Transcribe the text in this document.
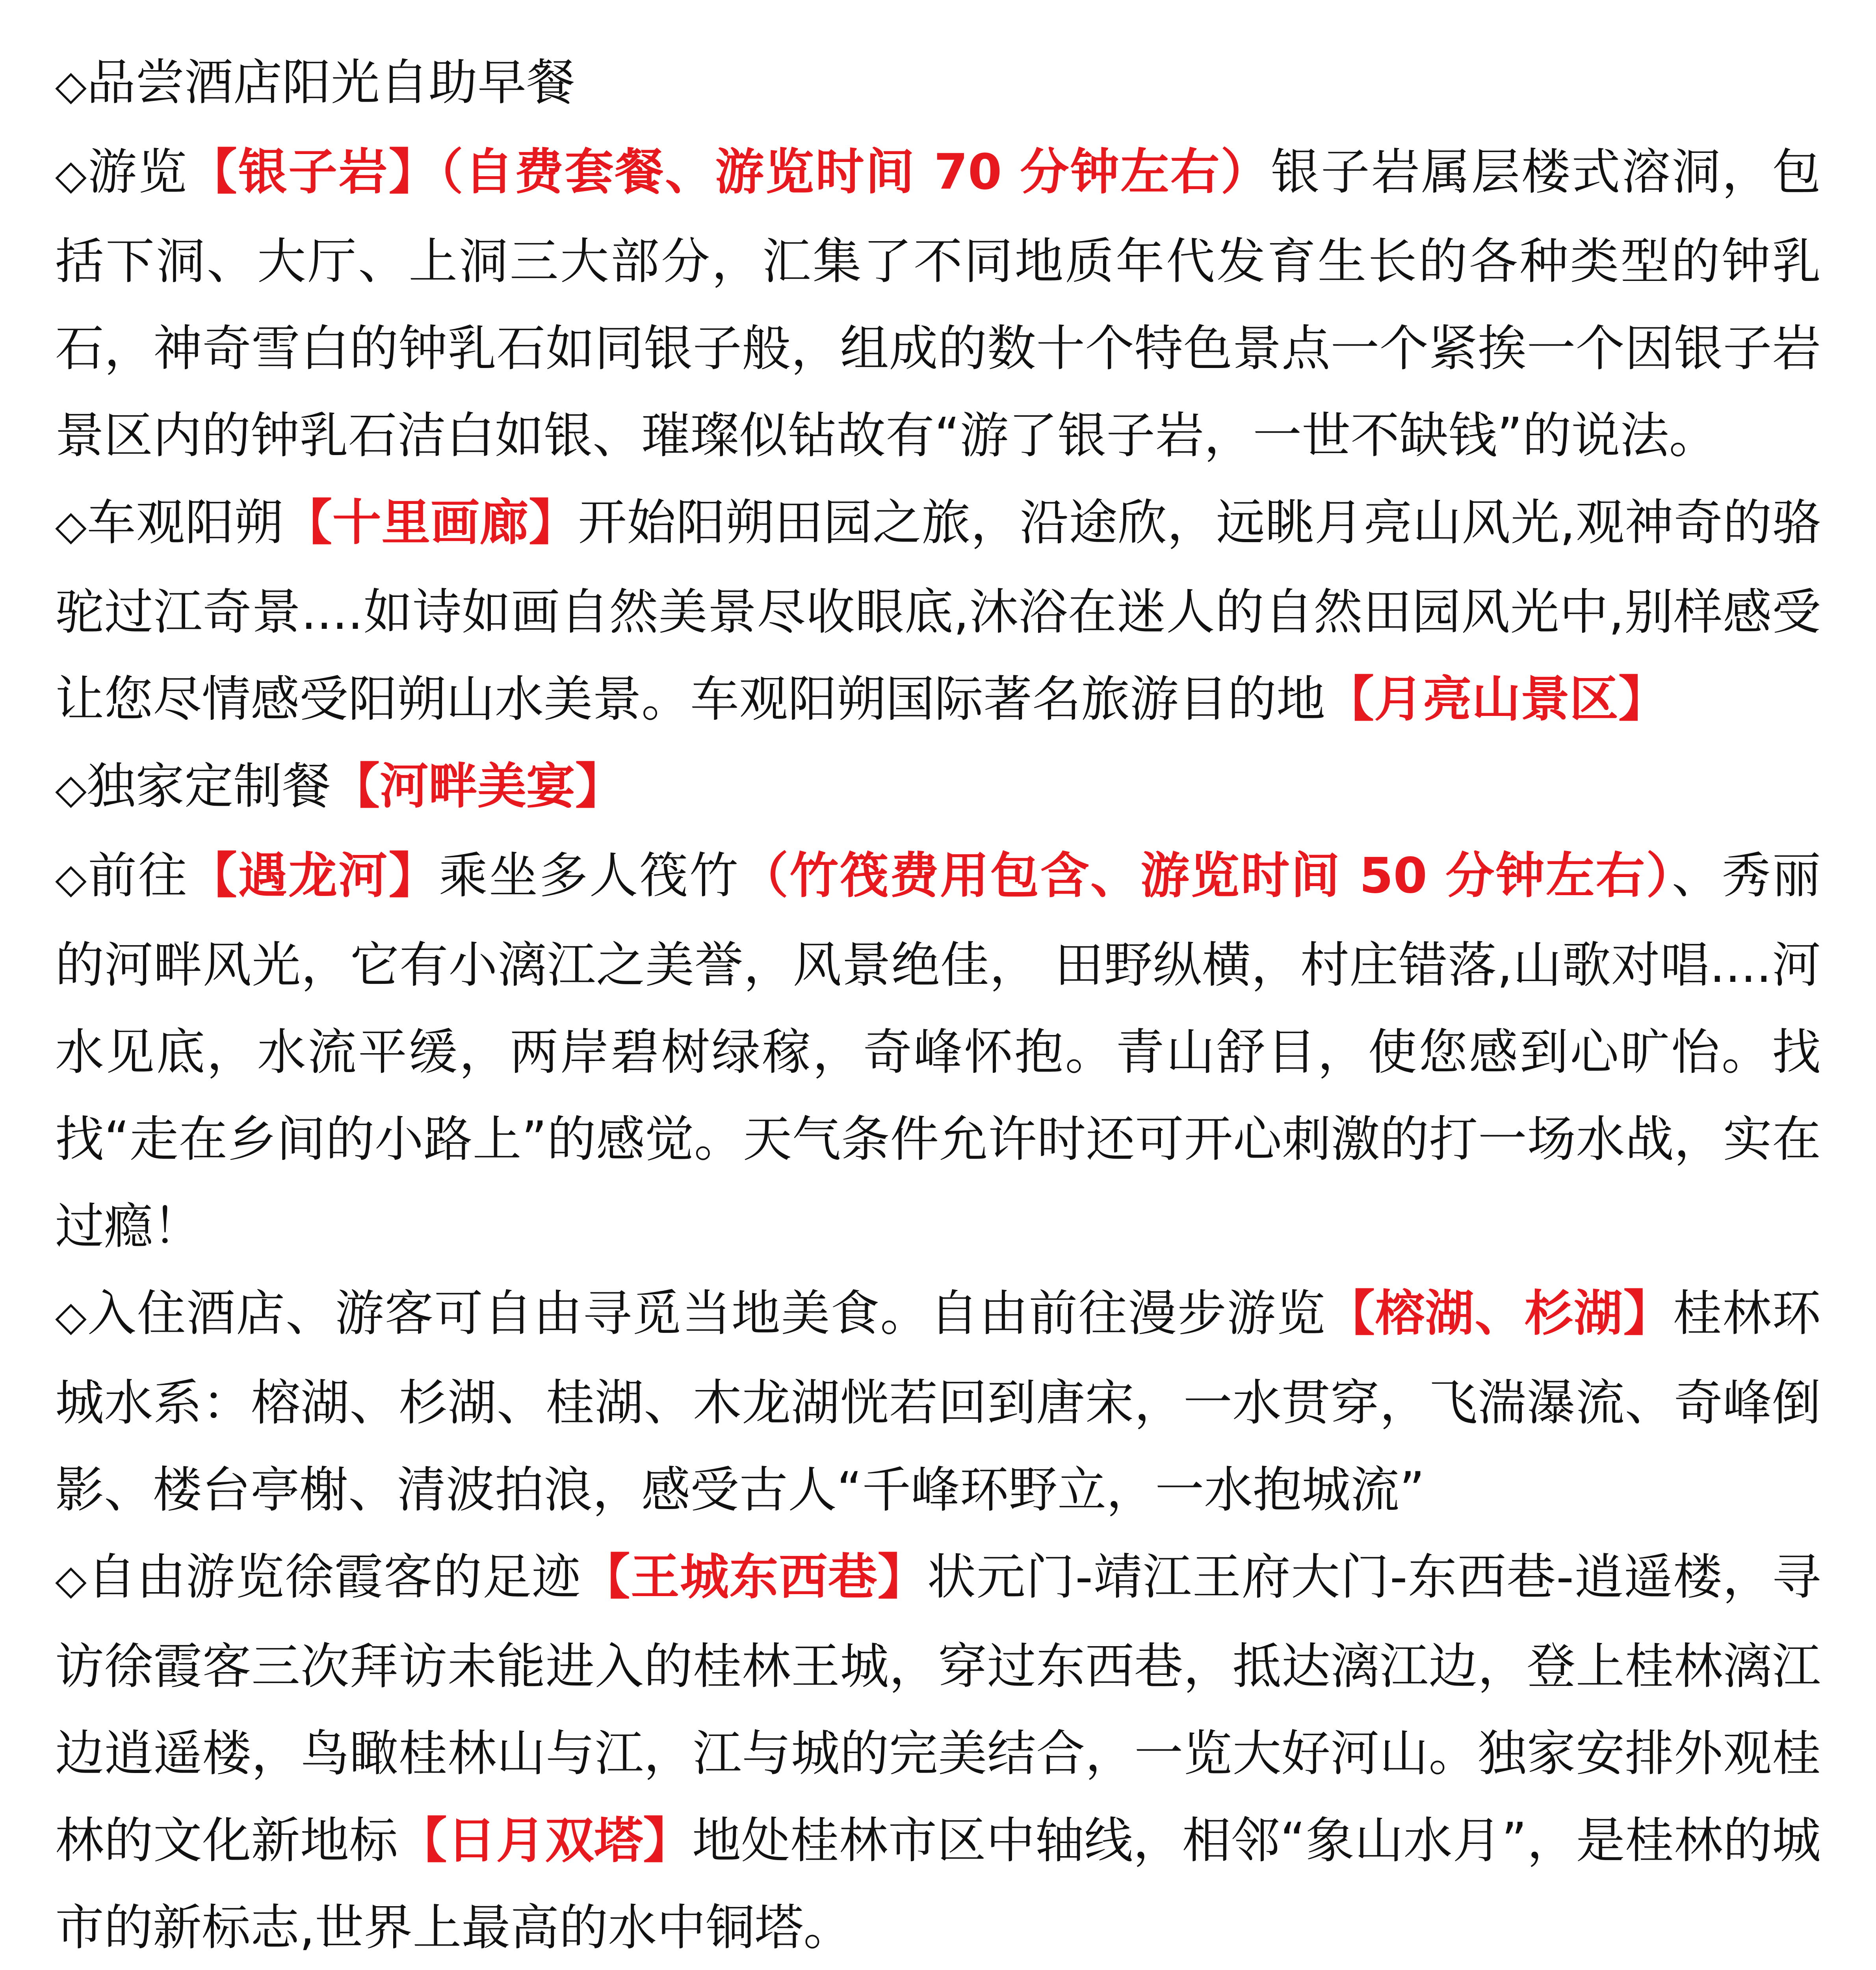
◇品尝酒店阳光自助早餐

◇游览【银子岩】（自费套餐、游览时间 70 分钟左右）银子岩属层楼式溶洞，包括下洞、大厅、上洞三大部分，汇集了不同地质年代发育生长的各种类型的钟乳石，神奇雪白的钟乳石如同银子般，组成的数十个特色景点一个紧挨一个因银子岩景区内的钟乳石洁白如银、璀璨似钻故有“游了银子岩，一世不缺钱”的说法。

◇车观阳朔【十里画廊】开始阳朔田园之旅，沿途欣，远眺月亮山风光,观神奇的骆驼过江奇景....如诗如画自然美景尽收眼底,沐浴在迷人的自然田园风光中,别样感受让您尽情感受阳朔山水美景。车观阳朔国际著名旅游目的地【月亮山景区】

◇独家定制餐【河畔美宴】

◇前往【遇龙河】乘坐多人筏竹（竹筏费用包含、游览时间 50 分钟左右）、秀丽的河畔风光，它有小漓江之美誉，风景绝佳， 田野纵横，村庄错落,山歌对唱....河水见底，水流平缓，两岸碧树绿稼，奇峰怀抱。青山舒目，使您感到心旷怡。找找“走在乡间的小路上”的感觉。天气条件允许时还可开心刺激的打一场水战，实在过瘾！

◇入住酒店、游客可自由寻觅当地美食。自由前往漫步游览【榕湖、杉湖】桂林环城水系：榕湖、杉湖、桂湖、木龙湖恍若回到唐宋，一水贯穿，飞湍瀑流、奇峰倒影、楼台亭榭、清波拍浪，感受古人“千峰环野立，一水抱城流”

◇自由游览徐霞客的足迹【王城东西巷】状元门-靖江王府大门-东西巷-逍遥楼，寻访徐霞客三次拜访未能进入的桂林王城，穿过东西巷，抵达漓江边，登上桂林漓江边逍遥楼，鸟瞰桂林山与江，江与城的完美结合，一览大好河山。独家安排外观桂林的文化新地标【日月双塔】地处桂林市区中轴线，相邻“象山水月”，是桂林的城市的新标志,世界上最高的水中铜塔。
